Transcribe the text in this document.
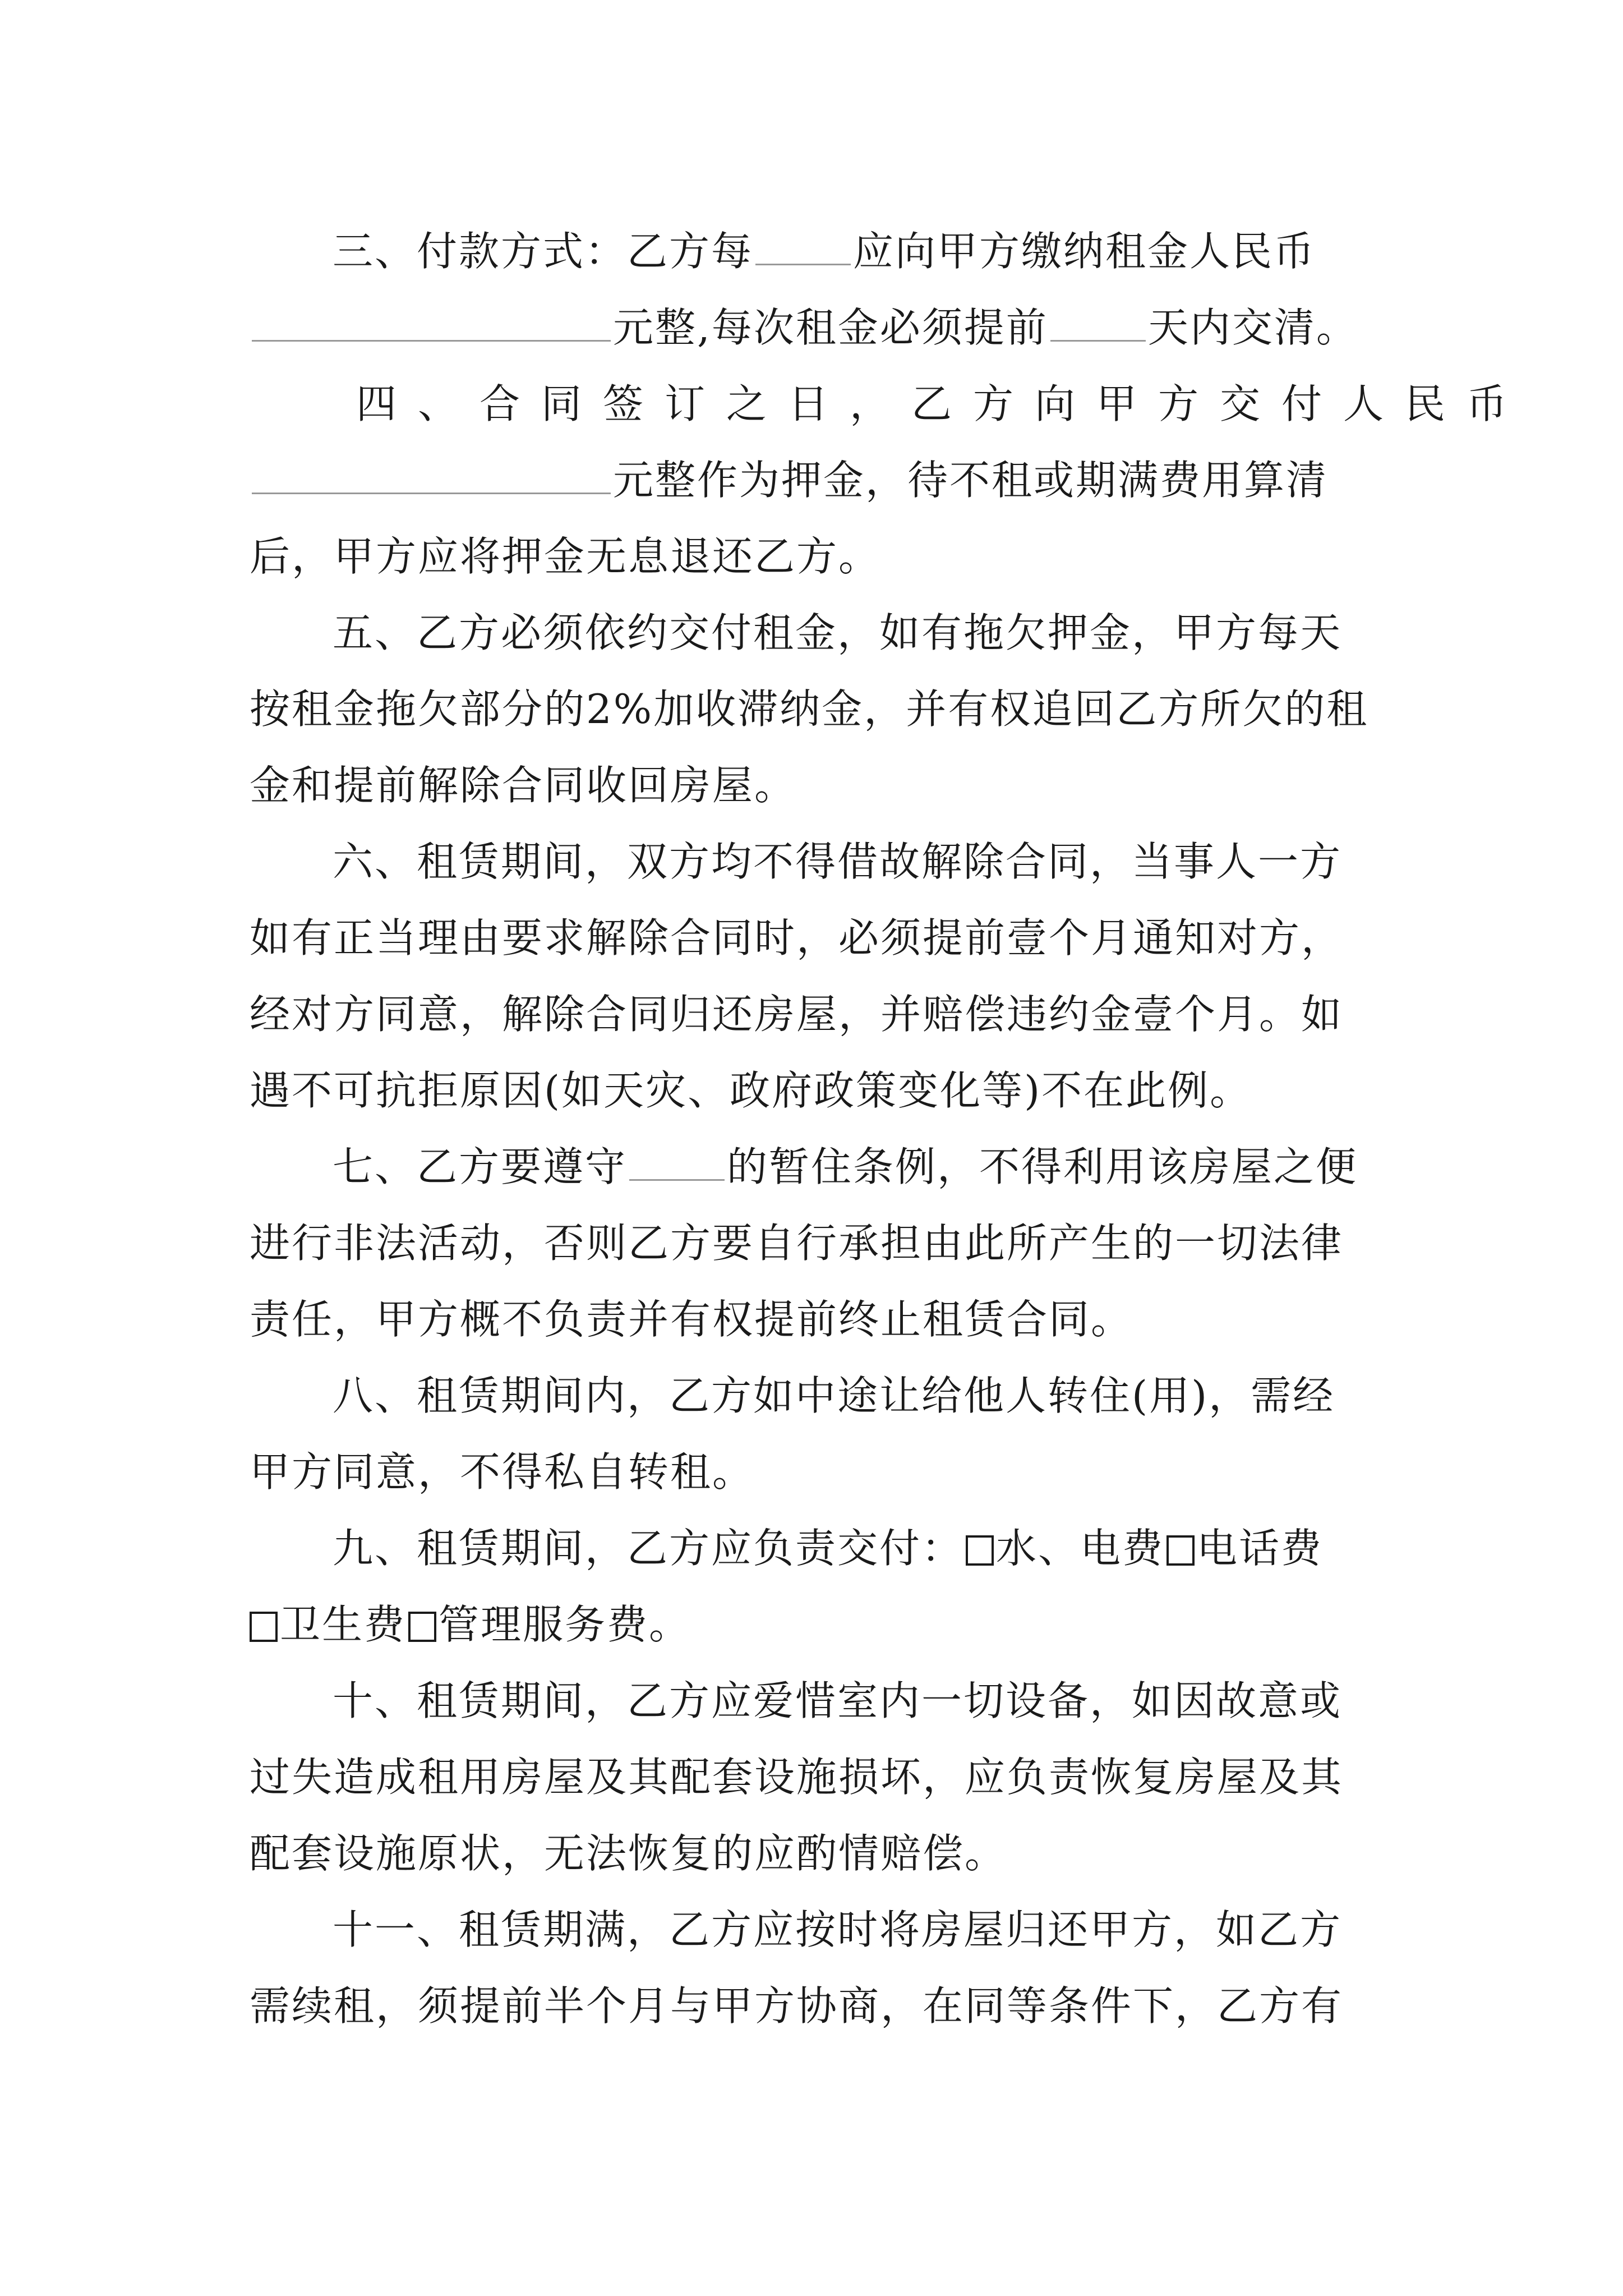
三、付款方式：乙方每 应向甲方缴纳租金人民币
元整,每次租金必须提前 天内交清。
四、合同签订之日，乙方向甲方交付人民币
元整作为押金，待不租或期满费用算清
后，甲方应将押金无息退还乙方。
五、乙方必须依约交付租金，如有拖欠押金，甲方每天
按租金拖欠部分的2%加收滞纳金，并有权追回乙方所欠的租
金和提前解除合同收回房屋。
六、租赁期间，双方均不得借故解除合同，当事人一方
如有正当理由要求解除合同时，必须提前壹个月通知对方，
经对方同意，解除合同归还房屋，并赔偿违约金壹个月。如
遇不可抗拒原因(如天灾、政府政策变化等)不在此例。
七、乙方要遵守 的暂住条例，不得利用该房屋之便
进行非法活动，否则乙方要自行承担由此所产生的一切法律
责任，甲方概不负责并有权提前终止租赁合同。
八、租赁期间内，乙方如中途让给他人转住(用)，需经
甲方同意，不得私自转租。
九、租赁期间，乙方应负责交付： 水、电费 电话费
卫生费 管理服务费。
十、租赁期间，乙方应爱惜室内一切设备，如因故意或
过失造成租用房屋及其配套设施损坏，应负责恢复房屋及其
配套设施原状，无法恢复的应酌情赔偿。
十一、租赁期满，乙方应按时将房屋归还甲方，如乙方
需续租，须提前半个月与甲方协商，在同等条件下，乙方有
